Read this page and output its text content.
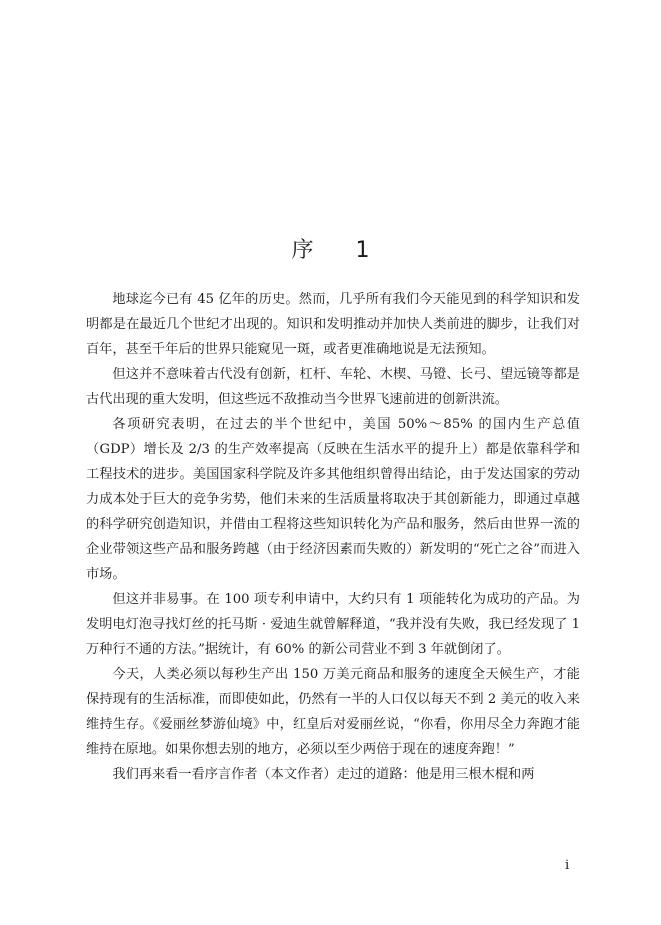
序 1

地球迄今已有 45 亿年的历史。然而，几乎所有我们今天能见到的科学知识和发明都是在最近几个世纪才出现的。知识和发明推动并加快人类前进的脚步，让我们对百年，甚至千年后的世界只能窥见一斑，或者更准确地说是无法预知。

但这并不意味着古代没有创新，杠杆、车轮、木楔、马镫、长弓、望远镜等都是古代出现的重大发明，但这些远不敌推动当今世界飞速前进的创新洪流。

各项研究表明，在过去的半个世纪中，美国 50%～85% 的国内生产总值（GDP）增长及 2/3 的生产效率提高（反映在生活水平的提升上）都是依靠科学和工程技术的进步。美国国家科学院及许多其他组织曾得出结论，由于发达国家的劳动力成本处于巨大的竞争劣势，他们未来的生活质量将取决于其创新能力，即通过卓越的科学研究创造知识，并借由工程将这些知识转化为产品和服务，然后由世界一流的企业带领这些产品和服务跨越（由于经济因素而失败的）新发明的“死亡之谷”而进入市场。

但这并非易事。在 100 项专利申请中，大约只有 1 项能转化为成功的产品。为发明电灯泡寻找灯丝的托马斯 · 爱迪生就曾解释道，“我并没有失败，我已经发现了 1 万种行不通的方法。”据统计，有 60% 的新公司营业不到 3 年就倒闭了。

今天，人类必须以每秒生产出 150 万美元商品和服务的速度全天候生产，才能保持现有的生活标准，而即使如此，仍然有一半的人口仅以每天不到 2 美元的收入来维持生存。《爱丽丝梦游仙境》中，红皇后对爱丽丝说，“你看，你用尽全力奔跑才能维持在原地。如果你想去别的地方，必须以至少两倍于现在的速度奔跑！”

我们再来看一看序言作者（本文作者）走过的道路：他是用三根木棍和两

i
